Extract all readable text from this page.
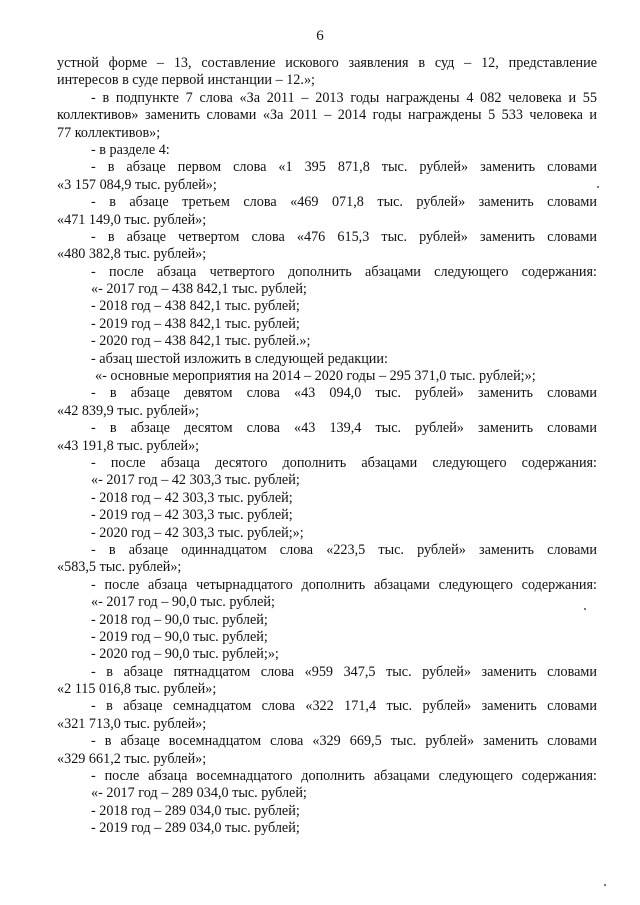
6
устной форме – 13, составление искового заявления в суд – 12, представление
интересов в суде первой инстанции – 12.»;
- в подпункте 7 слова «За 2011 – 2013 годы награждены 4 082 человека и 55
коллективов» заменить словами «За 2011 – 2014 годы награждены 5 533 человека и
77 коллективов»;
- в разделе 4:
- в абзаце первом слова «1 395 871,8 тыс. рублей» заменить словами
«3 157 084,9 тыс. рублей»;
- в абзаце третьем слова «469 071,8 тыс. рублей» заменить словами
«471 149,0 тыс. рублей»;
- в абзаце четвертом слова «476 615,3 тыс. рублей» заменить словами
«480 382,8 тыс. рублей»;
- после абзаца четвертого дополнить абзацами следующего содержания:
«- 2017 год – 438 842,1 тыс. рублей;
- 2018 год – 438 842,1 тыс. рублей;
- 2019 год – 438 842,1 тыс. рублей;
- 2020 год – 438 842,1 тыс. рублей.»;
- абзац шестой изложить в следующей редакции:
«- основные мероприятия на 2014 – 2020 годы – 295 371,0 тыс. рублей;»;
- в абзаце девятом слова «43 094,0 тыс. рублей» заменить словами
«42 839,9 тыс. рублей»;
- в абзаце десятом слова «43 139,4 тыс. рублей» заменить словами
«43 191,8 тыс. рублей»;
- после абзаца десятого дополнить абзацами следующего содержания:
«- 2017 год – 42 303,3 тыс. рублей;
- 2018 год – 42 303,3 тыс. рублей;
- 2019 год – 42 303,3 тыс. рублей;
- 2020 год – 42 303,3 тыс. рублей;»;
- в абзаце одиннадцатом слова «223,5 тыс. рублей» заменить словами
«583,5 тыс. рублей»;
- после абзаца четырнадцатого дополнить абзацами следующего содержания:
«- 2017 год – 90,0 тыс. рублей;
- 2018 год – 90,0 тыс. рублей;
- 2019 год – 90,0 тыс. рублей;
- 2020 год – 90,0 тыс. рублей;»;
- в абзаце пятнадцатом слова «959 347,5 тыс. рублей» заменить словами
«2 115 016,8 тыс. рублей»;
- в абзаце семнадцатом слова «322 171,4 тыс. рублей» заменить словами
«321 713,0 тыс. рублей»;
- в абзаце восемнадцатом слова «329 669,5 тыс. рублей» заменить словами
«329 661,2 тыс. рублей»;
- после абзаца восемнадцатого дополнить абзацами следующего содержания:
«- 2017 год – 289 034,0 тыс. рублей;
- 2018 год – 289 034,0 тыс. рублей;
- 2019 год – 289 034,0 тыс. рублей;
